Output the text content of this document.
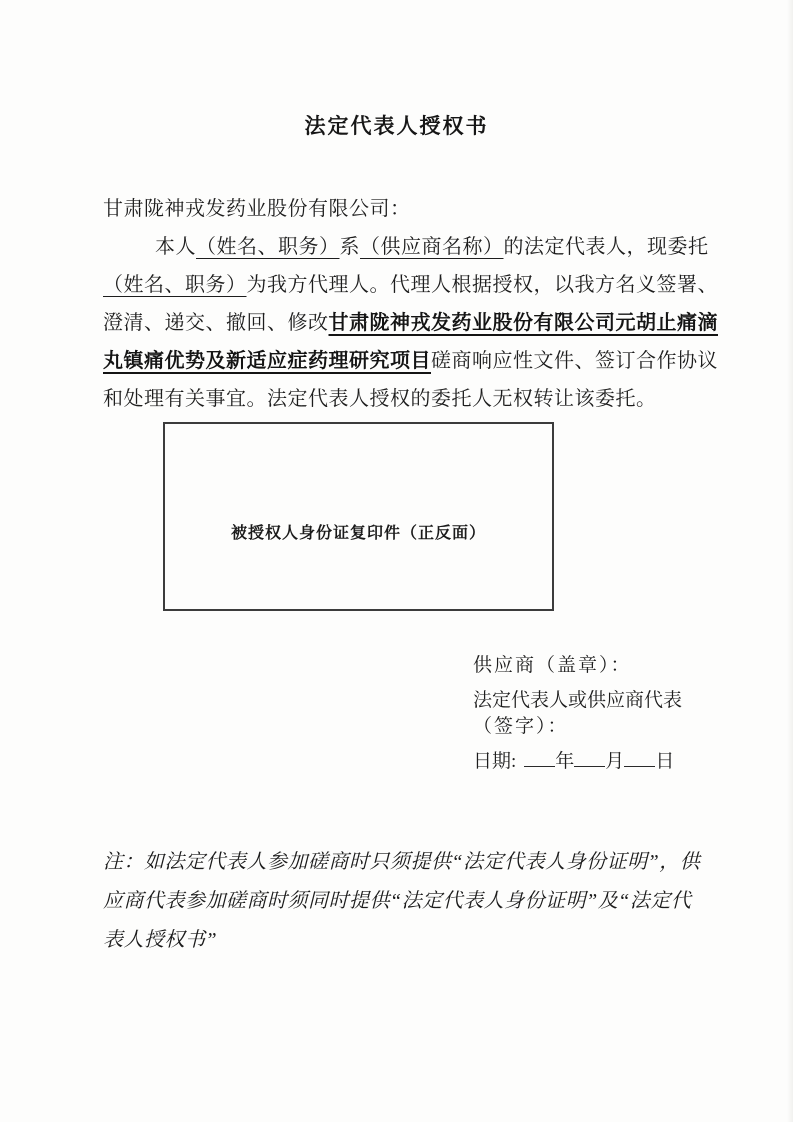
法定代表人授权书
甘肃陇神戎发药业股份有限公司：
本人（姓名、职务）系（供应商名称）的法定代表人，现委托
（姓名、职务）为我方代理人。代理人根据授权，以我方名义签署、
澄清、递交、撤回、修改甘肃陇神戎发药业股份有限公司元胡止痛滴
丸镇痛优势及新适应症药理研究项目磋商响应性文件、签订合作协议
和处理有关事宜。法定代表人授权的委托人无权转让该委托。
被授权人身份证复印件（正反面）
供应商（盖章）：
法定代表人或供应商代表
（签字）：
日期: 年 月 日
注：如法定代表人参加磋商时只须提供“法定代表人身份证明”，供
应商代表参加磋商时须同时提供“法定代表人身份证明”及“法定代
表人授权书”
